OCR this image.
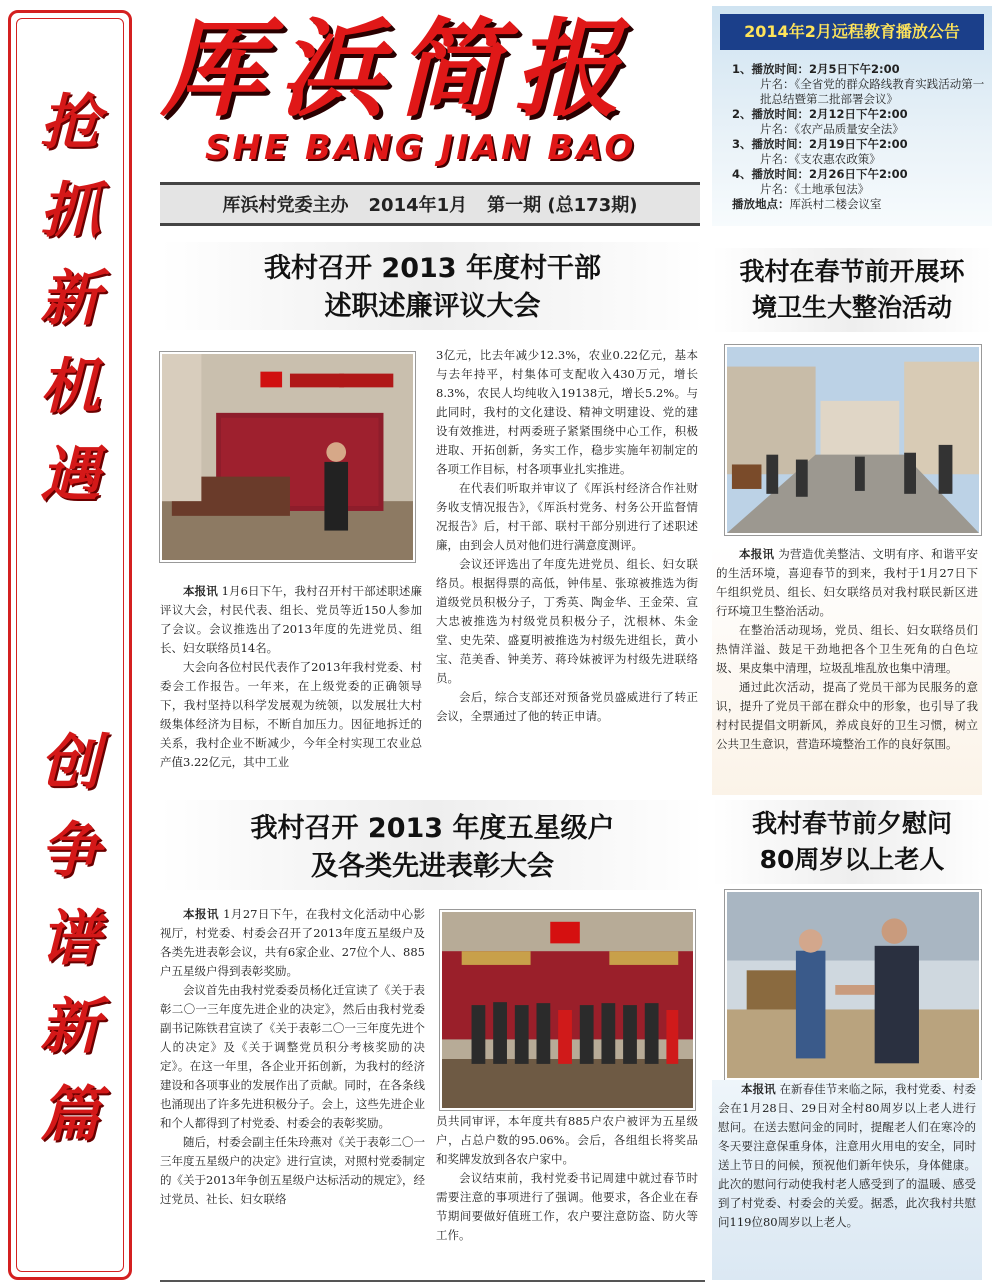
抢
抓
新
机
遇
创
争
谱
新
篇
厍浜简报
SHE BANG JIAN BAO
厍浜村党委主办 2014年1月 第一期 (总173期)
2014年2月远程教育播放公告
1、播放时间：2月5日下午2:00
片名：《全省党的群众路线教育实践活动第一批总结暨第二批部署会议》
2、播放时间：2月12日下午2:00
片名：《农产品质量安全法》
3、播放时间：2月19日下午2:00
片名：《支农惠农政策》
4、播放时间：2月26日下午2:00
片名：《土地承包法》
播放地点：厍浜村二楼会议室
我村召开 2013 年度村干部
述职述廉评议大会

本报讯 1月6日下午，我村召开村干部述职述廉评议大会，村民代表、组长、党员等近150人参加了会议。会议推选出了2013年度的先进党员、组长、妇女联络员14名。

大会向各位村民代表作了2013年我村党委、村委会工作报告。一年来，在上级党委的正确领导下，我村坚持以科学发展观为统领，以发展壮大村级集体经济为目标，不断自加压力。因征地拆迁的关系，我村企业不断减少，今年全村实现工农业总产值3.22亿元，其中工业

3亿元，比去年减少12.3%，农业0.22亿元，基本与去年持平，村集体可支配收入430万元，增长8.3%，农民人均纯收入19138元，增长5.2%。与此同时，我村的文化建设、精神文明建设、党的建设有效推进，村两委班子紧紧围绕中心工作，积极进取、开拓创新，务实工作，稳步实施年初制定的各项工作目标，村各项事业扎实推进。

在代表们听取并审议了《厍浜村经济合作社财务收支情况报告》，《厍浜村党务、村务公开监督情况报告》后，村干部、联村干部分别进行了述职述廉，由到会人员对他们进行满意度测评。

会议还评选出了年度先进党员、组长、妇女联络员。根据得票的高低，钟伟星、张琼被推选为街道级党员积极分子，丁秀英、陶金华、王金荣、宣大忠被推选为村级党员积极分子，沈根林、朱金堂、史先荣、盛夏明被推选为村级先进组长，黄小宝、范美香、钟美芳、蒋玲妹被评为村级先进联络员。

会后，综合支部还对预备党员盛威进行了转正会议，全票通过了他的转正申请。

我村召开 2013 年度五星级户
及各类先进表彰大会

本报讯 1月27日下午，在我村文化活动中心影视厅，村党委、村委会召开了2013年度五星级户及各类先进表彰会议，共有6家企业、27位个人、885户五星级户得到表彰奖励。

会议首先由我村党委委员杨化迁宣读了《关于表彰二〇一三年度先进企业的决定》，然后由我村党委副书记陈铁君宣读了《关于表彰二〇一三年度先进个人的决定》及《关于调整党员积分考核奖励的决定》。在这一年里，各企业开拓创新，为我村的经济建设和各项事业的发展作出了贡献。同时，在各条线也涌现出了许多先进积极分子。会上，这些先进企业和个人都得到了村党委、村委会的表彰奖励。

随后，村委会副主任朱玲燕对《关于表彰二〇一三年度五星级户的决定》进行宣读，对照村党委制定的《关于2013年争创五星级户达标活动的规定》，经过党员、社长、妇女联络

员共同审评，本年度共有885户农户被评为五星级户，占总户数的95.06%。会后，各组组长将奖品和奖牌发放到各农户家中。

会议结束前，我村党委书记周建中就过春节时需要注意的事项进行了强调。他要求，各企业在春节期间要做好值班工作，农户要注意防盗、防火等工作。

我村在春节前开展环
境卫生大整治活动

本报讯 为营造优美整洁、文明有序、和谐平安的生活环境，喜迎春节的到来，我村于1月27日下午组织党员、组长、妇女联络员对我村联民新区进行环境卫生整治活动。

在整治活动现场，党员、组长、妇女联络员们热情洋溢、鼓足干劲地把各个卫生死角的白色垃圾、果皮集中清理，垃圾乱堆乱放也集中清理。

通过此次活动，提高了党员干部为民服务的意识，提升了党员干部在群众中的形象，也引导了我村村民提倡文明新风，养成良好的卫生习惯，树立公共卫生意识，营造环境整治工作的良好氛围。

我村春节前夕慰问
80周岁以上老人

本报讯 在新春佳节来临之际，我村党委、村委会在1月28日、29日对全村80周岁以上老人进行慰问。在送去慰问金的同时，提醒老人们在寒冷的冬天要注意保重身体，注意用火用电的安全，同时送上节日的问候，预祝他们新年快乐，身体健康。此次的慰问行动使我村老人感受到了的温暖、感受到了村党委、村委会的关爱。据悉，此次我村共慰问119位80周岁以上老人。
